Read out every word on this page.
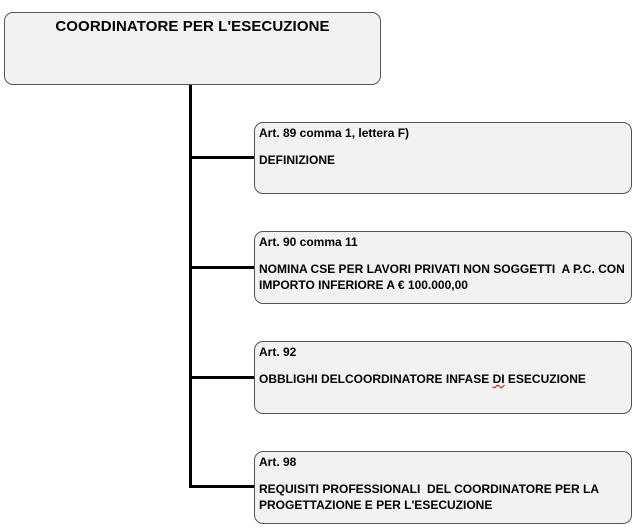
COORDINATORE PER L'ESECUZIONE
Art. 89 comma 1, lettera F)
DEFINIZIONE
Art. 90 comma 11
NOMINA CSE PER LAVORI PRIVATI NON SOGGETTI  A P.C. CON IMPORTO INFERIORE A € 100.000,00
Art. 92
OBBLIGHI DELCOORDINATORE INFASE DI ESECUZIONE
Art. 98
REQUISITI PROFESSIONALI  DEL COORDINATORE PER LA PROGETTAZIONE E PER L'ESECUZIONE
